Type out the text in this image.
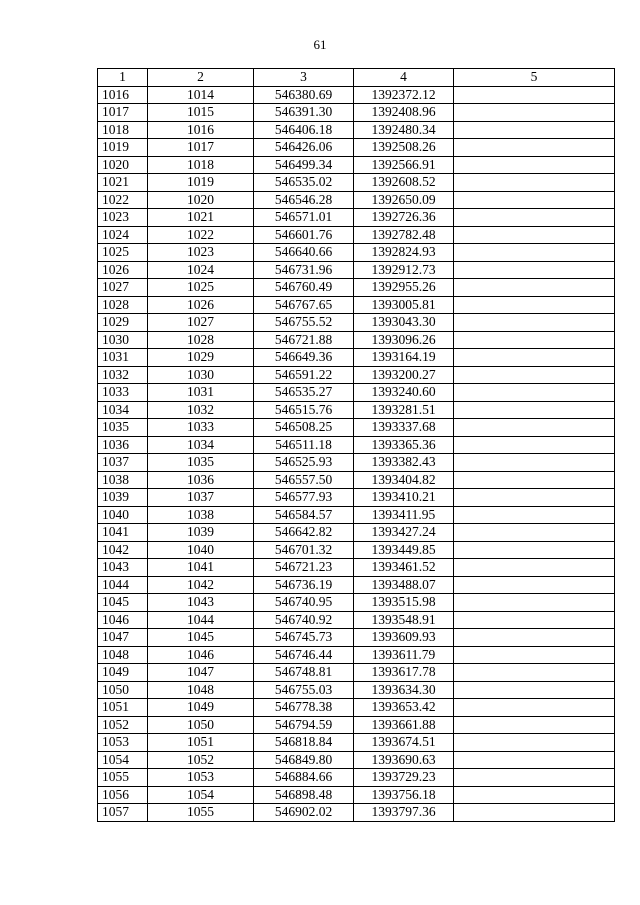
61
1	2	3	4	5
1016	1014	546380.69	1392372.12	
1017	1015	546391.30	1392408.96	
1018	1016	546406.18	1392480.34	
1019	1017	546426.06	1392508.26	
1020	1018	546499.34	1392566.91	
1021	1019	546535.02	1392608.52	
1022	1020	546546.28	1392650.09	
1023	1021	546571.01	1392726.36	
1024	1022	546601.76	1392782.48	
1025	1023	546640.66	1392824.93	
1026	1024	546731.96	1392912.73	
1027	1025	546760.49	1392955.26	
1028	1026	546767.65	1393005.81	
1029	1027	546755.52	1393043.30	
1030	1028	546721.88	1393096.26	
1031	1029	546649.36	1393164.19	
1032	1030	546591.22	1393200.27	
1033	1031	546535.27	1393240.60	
1034	1032	546515.76	1393281.51	
1035	1033	546508.25	1393337.68	
1036	1034	546511.18	1393365.36	
1037	1035	546525.93	1393382.43	
1038	1036	546557.50	1393404.82	
1039	1037	546577.93	1393410.21	
1040	1038	546584.57	1393411.95	
1041	1039	546642.82	1393427.24	
1042	1040	546701.32	1393449.85	
1043	1041	546721.23	1393461.52	
1044	1042	546736.19	1393488.07	
1045	1043	546740.95	1393515.98	
1046	1044	546740.92	1393548.91	
1047	1045	546745.73	1393609.93	
1048	1046	546746.44	1393611.79	
1049	1047	546748.81	1393617.78	
1050	1048	546755.03	1393634.30	
1051	1049	546778.38	1393653.42	
1052	1050	546794.59	1393661.88	
1053	1051	546818.84	1393674.51	
1054	1052	546849.80	1393690.63	
1055	1053	546884.66	1393729.23	
1056	1054	546898.48	1393756.18	
1057	1055	546902.02	1393797.36	
